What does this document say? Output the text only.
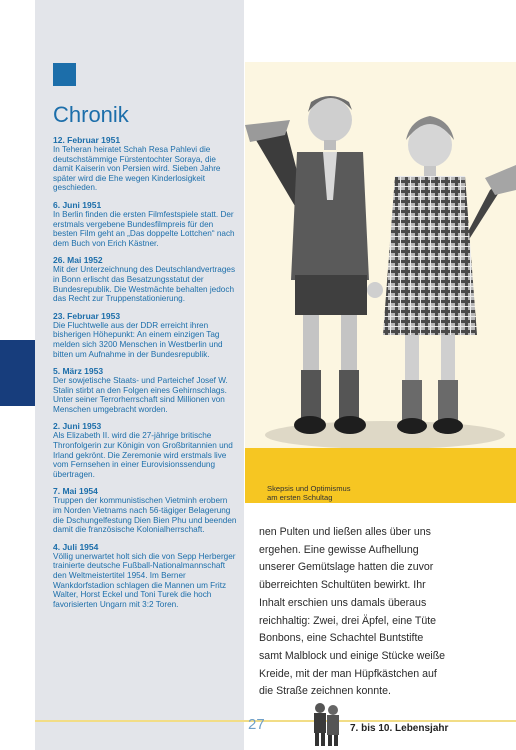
Chronik
12. Februar 1951
In Teheran heiratet Schah Resa Pahlevi die deutschstämmige Fürstentochter Soraya, die damit Kaiserin von Persien wird. Sieben Jahre später wird die Ehe wegen Kinderlosigkeit geschieden.
6. Juni 1951
In Berlin finden die ersten Filmfestspiele statt. Der erstmals vergebene Bundesfilmpreis für den besten Film geht an „Das doppelte Lottchen“ nach dem Buch von Erich Kästner.
26. Mai 1952
Mit der Unterzeichnung des Deutschlandvertrages in Bonn erlischt das Besatzungsstatut der Bundesrepublik. Die Westmächte behalten jedoch das Recht zur Truppenstationierung.
23. Februar 1953
Die Fluchtwelle aus der DDR erreicht ihren bisherigen Höhepunkt: An einem einzigen Tag melden sich 3200 Menschen in Westberlin und bitten um Aufnahme in der Bundesrepublik.
5. März 1953
Der sowjetische Staats- und Parteichef Josef W. Stalin stirbt an den Folgen eines Gehirnschlags. Unter seiner Terrorherrschaft sind Millionen von Menschen umgebracht worden.
2. Juni 1953
Als Elizabeth II. wird die 27-jährige britische Thronfolgerin zur Königin von Großbritannien und Irland gekrönt. Die Zeremonie wird erstmals live vom Fernsehen in einer Eurovisionssendung übertragen.
7. Mai 1954
Truppen der kommunistischen Vietminh erobern im Norden Vietnams nach 56-tägiger Belagerung die Dschungelfestung Dien Bien Phu und beenden damit die französische Kolonialherrschaft.
4. Juli 1954
Völlig unerwartet holt sich die von Sepp Herberger trainierte deutsche Fußball-Nationalmannschaft den Weltmeistertitel 1954. Im Berner Wankdorfstadion schlagen die Mannen um Fritz Walter, Horst Eckel und Toni Turek die hoch favorisierten Ungarn mit 3:2 Toren.
Skepsis und Optimismus
am ersten Schultag
nen Pulten und ließen alles über uns
ergehen. Eine gewisse Aufhellung
unserer Gemütslage hatten die zuvor
überreichten Schultüten bewirkt. Ihr
Inhalt erschien uns damals überaus
reichhaltig: Zwei, drei Äpfel, eine Tüte
Bonbons, eine Schachtel Buntstifte
samt Malblock und einige Stücke weiße
Kreide, mit der man Hüpfkästchen auf
die Straße zeichnen konnte.
27	7. bis 10. Lebensjahr
